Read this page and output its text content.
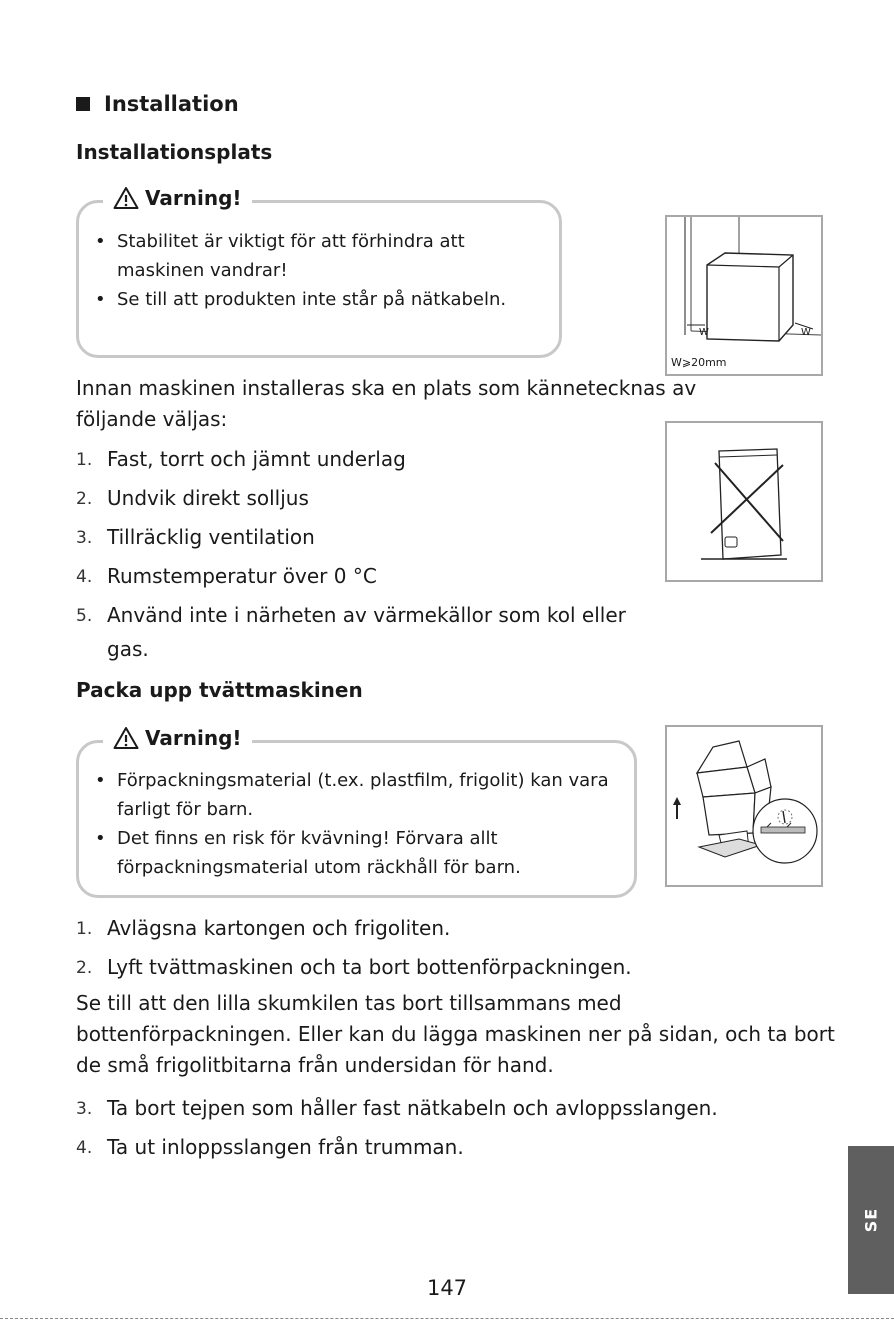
Installation
Installationsplats
Varning!
• Stabilitet är viktigt för att förhindra att maskinen vandrar!
• Se till att produkten inte står på nätkabeln.
W	W
W⩾20mm
Innan maskinen installeras ska en plats som kännetecknas av följande väljas:
1. Fast, torrt och jämnt underlag
2. Undvik direkt solljus
3. Tillräcklig ventilation
4. Rumstemperatur över 0 °C
5. Använd inte i närheten av värmekällor som kol eller gas.
Packa upp tvättmaskinen
Varning!
• Förpackningsmaterial (t.ex. plastfilm, frigolit) kan vara farligt för barn.
• Det finns en risk för kvävning! Förvara allt förpackningsmaterial utom räckhåll för barn.
1. Avlägsna kartongen och frigoliten.
2. Lyft tvättmaskinen och ta bort bottenförpackningen.
Se till att den lilla skumkilen tas bort tillsammans med bottenförpackningen. Eller kan du lägga maskinen ner på sidan, och ta bort de små frigolitbitarna från undersidan för hand.
3. Ta bort tejpen som håller fast nätkabeln och avloppsslangen.
4. Ta ut inloppsslangen från trumman.
SE
147
